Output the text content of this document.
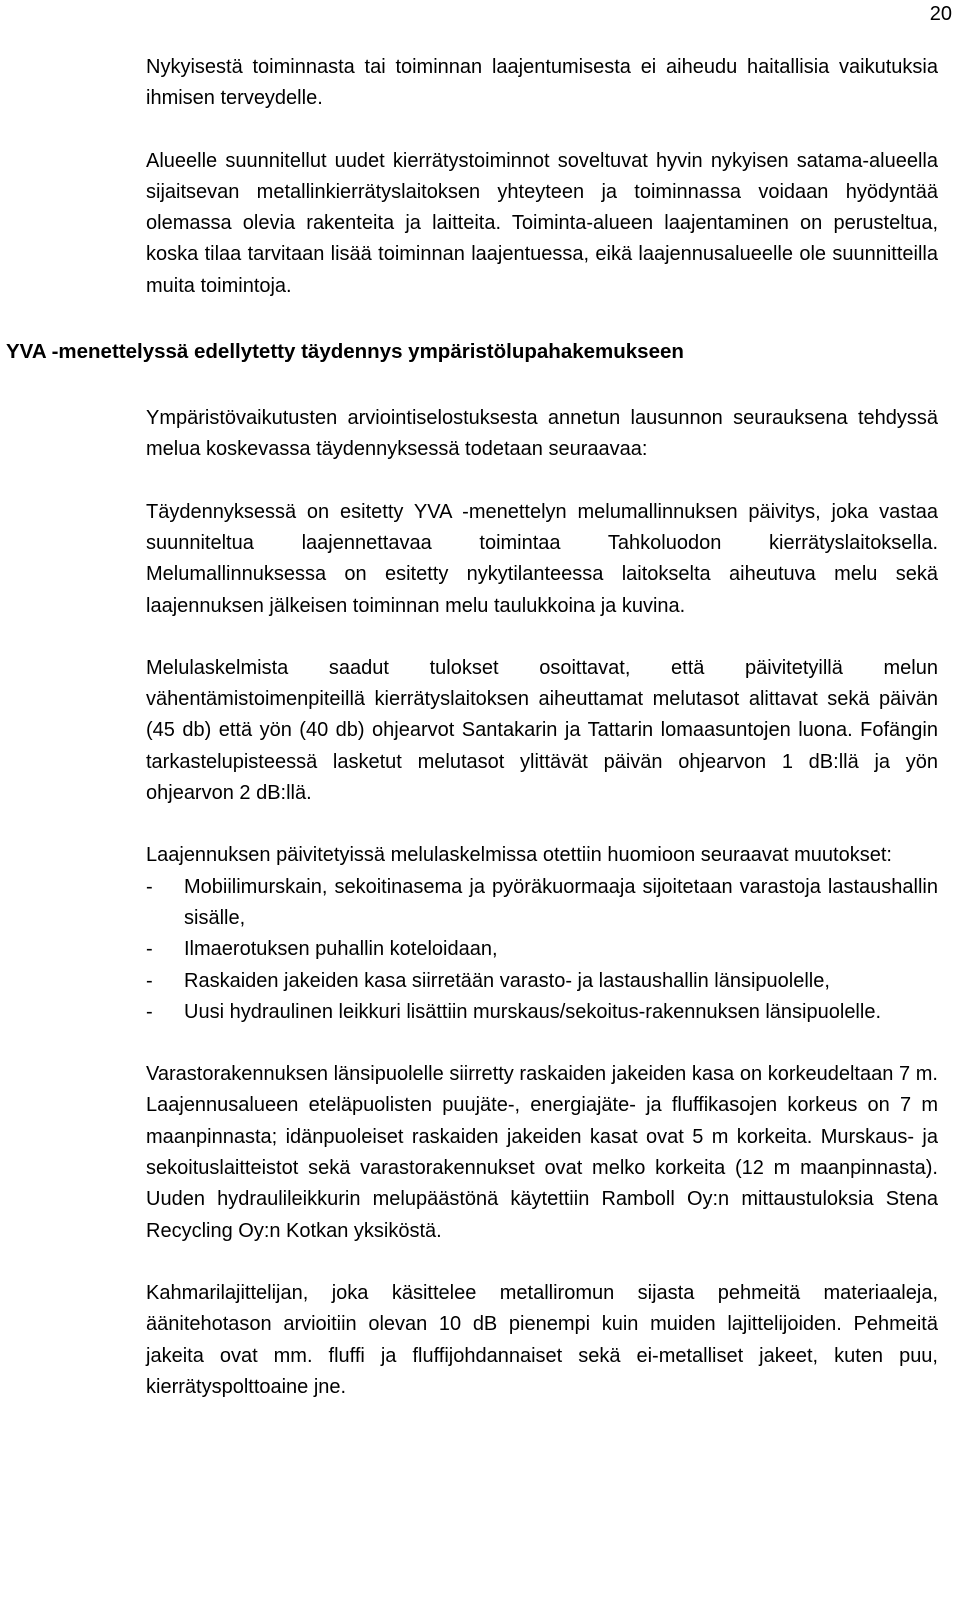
20
YVA -menettelyssä edellytetty täydennys ympäristölupahakemukseen

Nykyisestä toiminnasta tai toiminnan laajentumisesta ei aiheudu haitallisia vaikutuksia ihmisen terveydelle.

Alueelle suunnitellut uudet kierrätystoiminnot soveltuvat hyvin nykyisen satama-alueella sijaitsevan metallinkierrätyslaitoksen yhteyteen ja toiminnassa voidaan hyödyntää olemassa olevia rakenteita ja laitteita. Toiminta-alueen laajentaminen on perusteltua, koska tilaa tarvitaan lisää toiminnan laajentuessa, eikä laajennusalueelle ole suunnitteilla muita toimintoja.

Ympäristövaikutusten arviointiselostuksesta annetun lausunnon seurauksena tehdyssä melua koskevassa täydennyksessä todetaan seuraavaa:

Täydennyksessä on esitetty YVA -menettelyn melumallinnuksen päivitys, joka vastaa suunniteltua laajennettavaa toimintaa Tahkoluodon kierrätyslaitoksella. Melumallinnuksessa on esitetty nykytilanteessa laitokselta aiheutuva melu sekä laajennuksen jälkeisen toiminnan melu taulukkoina ja kuvina.

Melulaskelmista saadut tulokset osoittavat, että päivitetyillä melun vähentämistoimenpiteillä kierrätyslaitoksen aiheuttamat melutasot alittavat sekä päivän (45 db) että yön (40 db) ohjearvot Santakarin ja Tattarin lomaasuntojen luona. Fofängin tarkastelupisteessä lasketut melutasot ylittävät päivän ohjearvon 1 dB:llä ja yön ohjearvon 2 dB:llä.

Laajennuksen päivitetyissä melulaskelmissa otettiin huomioon seuraavat muutokset:

- Mobiilimurskain, sekoitinasema ja pyöräkuormaaja sijoitetaan varastoja lastaushallin sisälle,
- Ilmaerotuksen puhallin koteloidaan,
- Raskaiden jakeiden kasa siirretään varasto- ja lastaushallin länsipuolelle,
- Uusi hydraulinen leikkuri lisättiin murskaus/sekoitus-rakennuksen länsipuolelle.

Varastorakennuksen länsipuolelle siirretty raskaiden jakeiden kasa on korkeudeltaan 7 m. Laajennusalueen eteläpuolisten puujäte-, energiajäte- ja fluffikasojen korkeus on 7 m maanpinnasta; idänpuoleiset raskaiden jakeiden kasat ovat 5 m korkeita. Murskaus- ja sekoituslaitteistot sekä varastorakennukset ovat melko korkeita (12 m maanpinnasta). Uuden hydraulileikkurin melupäästönä käytettiin Ramboll Oy:n mittaustuloksia Stena Recycling Oy:n Kotkan yksiköstä.

Kahmarilajittelijan, joka käsittelee metalliromun sijasta pehmeitä materiaaleja, äänitehotason arvioitiin olevan 10 dB pienempi kuin muiden lajittelijoiden. Pehmeitä jakeita ovat mm. fluffi ja fluffijohdannaiset sekä ei-metalliset jakeet, kuten puu, kierrätyspolttoaine jne.
